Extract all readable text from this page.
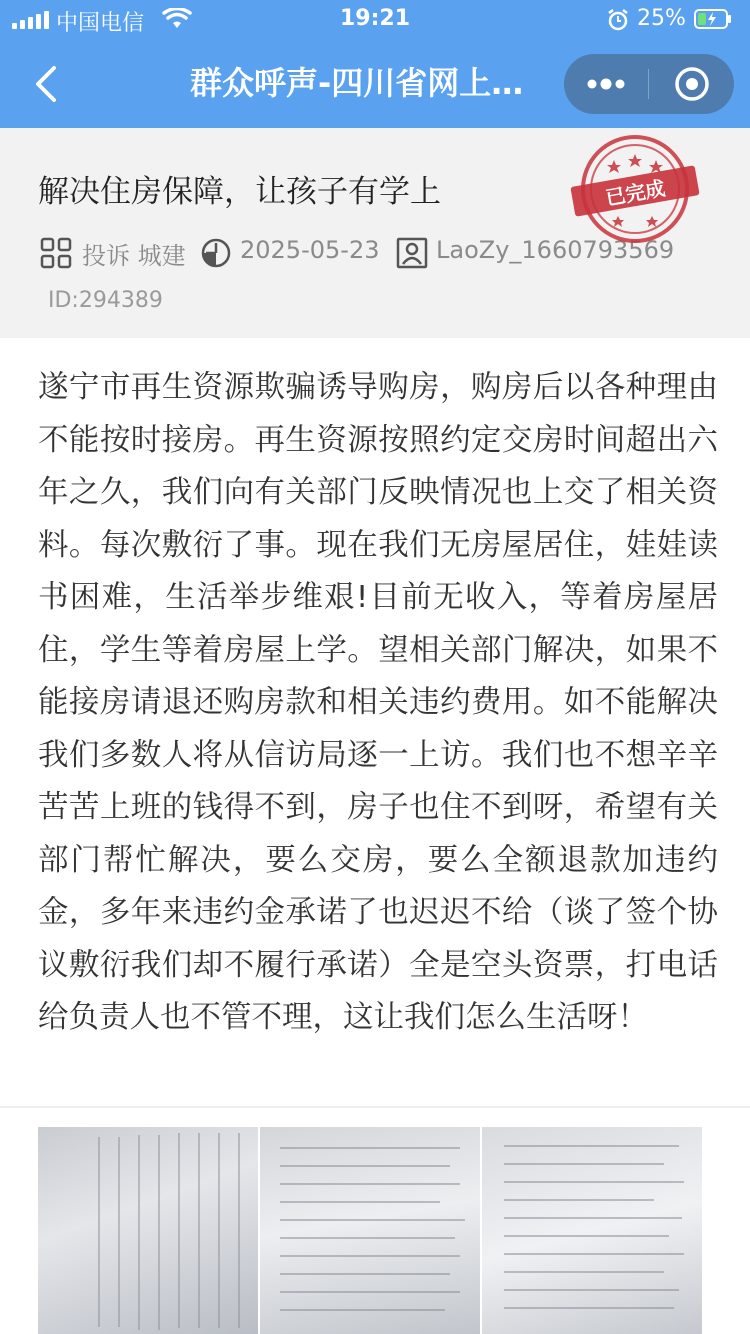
中国电信	19:21	25%
群众呼声-四川省网上…
解决住房保障，让孩子有学上
投诉 城建 2025-05-23 LaoZy_1660793569
ID:294389
已完成
遂宁市再生资源欺骗诱导购房，购房后以各种理由不能按时接房。再生资源按照约定交房时间超出六年之久，我们向有关部门反映情况也上交了相关资料。每次敷衍了事。现在我们无房屋居住，娃娃读书困难，生活举步维艰!目前无收入，等着房屋居住，学生等着房屋上学。望相关部门解决，如果不能接房请退还购房款和相关违约费用。如不能解决我们多数人将从信访局逐一上访。我们也不想辛辛苦苦上班的钱得不到，房子也住不到呀，希望有关部门帮忙解决，要么交房，要么全额退款加违约金，多年来违约金承诺了也迟迟不给（谈了签个协议敷衍我们却不履行承诺）全是空头资票，打电话给负责人也不管不理，这让我们怎么生活呀！
